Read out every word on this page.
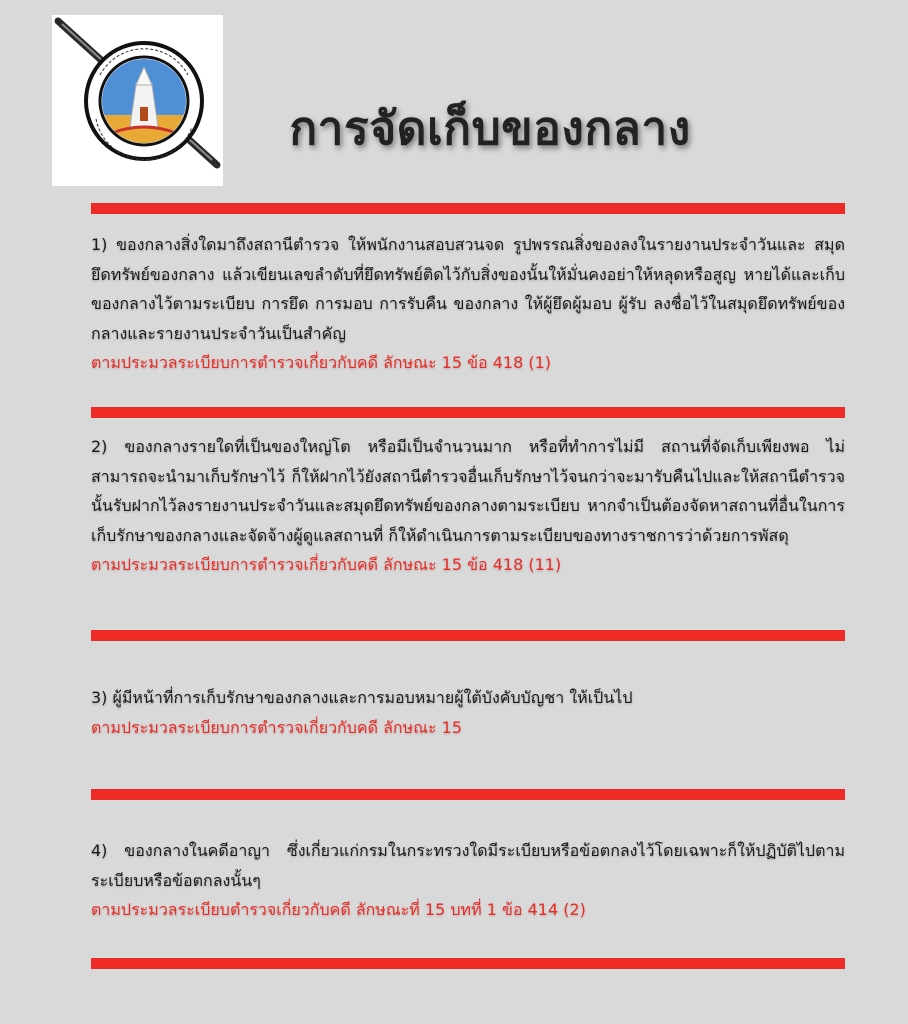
การจัดเก็บของกลาง
1) ของกลางสิ่งใดมาถึงสถานีตำรวจ ให้พนักงานสอบสวนจด รูปพรรณสิ่งของลงในรายงานประจำวันและ สมุดยึดทรัพย์ของกลาง แล้วเขียนเลขลำดับที่ยึดทรัพย์ติดไว้กับสิ่งของนั้นให้มั่นคงอย่าให้หลุดหรือสูญ หายได้และเก็บของกลางไว้ตามระเบียบ การยึด การมอบ การรับคืน ของกลาง ให้ผู้ยึดผู้มอบ ผู้รับ ลงชื่อไว้ในสมุดยึดทรัพย์ของกลางและรายงานประจำวันเป็นสำคัญ
ตามประมวลระเบียบการตำรวจเกี่ยวกับคดี ลักษณะ 15 ข้อ 418 (1)
2) ของกลางรายใดที่เป็นของใหญ่โต หรือมีเป็นจำนวนมาก หรือที่ทำการไม่มี สถานที่จัดเก็บเพียงพอ ไม่ สามารถจะนำมาเก็บรักษาไว้ ก็ให้ฝากไว้ยังสถานีตำรวจอื่นเก็บรักษาไว้จนกว่าจะมารับคืนไปและให้สถานีตำรวจนั้นรับฝากไว้ลงรายงานประจำวันและสมุดยึดทรัพย์ของกลางตามระเบียบ หากจำเป็นต้องจัดหาสถานที่อื่นในการเก็บรักษาของกลางและจัดจ้างผู้ดูแลสถานที่ ก็ให้ดำเนินการตามระเบียบของทางราชการว่าด้วยการพัสดุ
ตามประมวลระเบียบการตำรวจเกี่ยวกับคดี ลักษณะ 15 ข้อ 418 (11)
3) ผู้มีหน้าที่การเก็บรักษาของกลางและการมอบหมายผู้ใต้บังคับบัญชา ให้เป็นไป
ตามประมวลระเบียบการตำรวจเกี่ยวกับคดี ลักษณะ 15
4) ของกลางในคดีอาญา ซึ่งเกี่ยวแก่กรมในกระทรวงใดมีระเบียบหรือข้อตกลงไว้โดยเฉพาะก็ให้ปฏิบัติไปตามระเบียบหรือข้อตกลงนั้นๆ
ตามประมวลระเบียบตำรวจเกี่ยวกับคดี ลักษณะที่ 15 บทที่ 1 ข้อ 414 (2)
